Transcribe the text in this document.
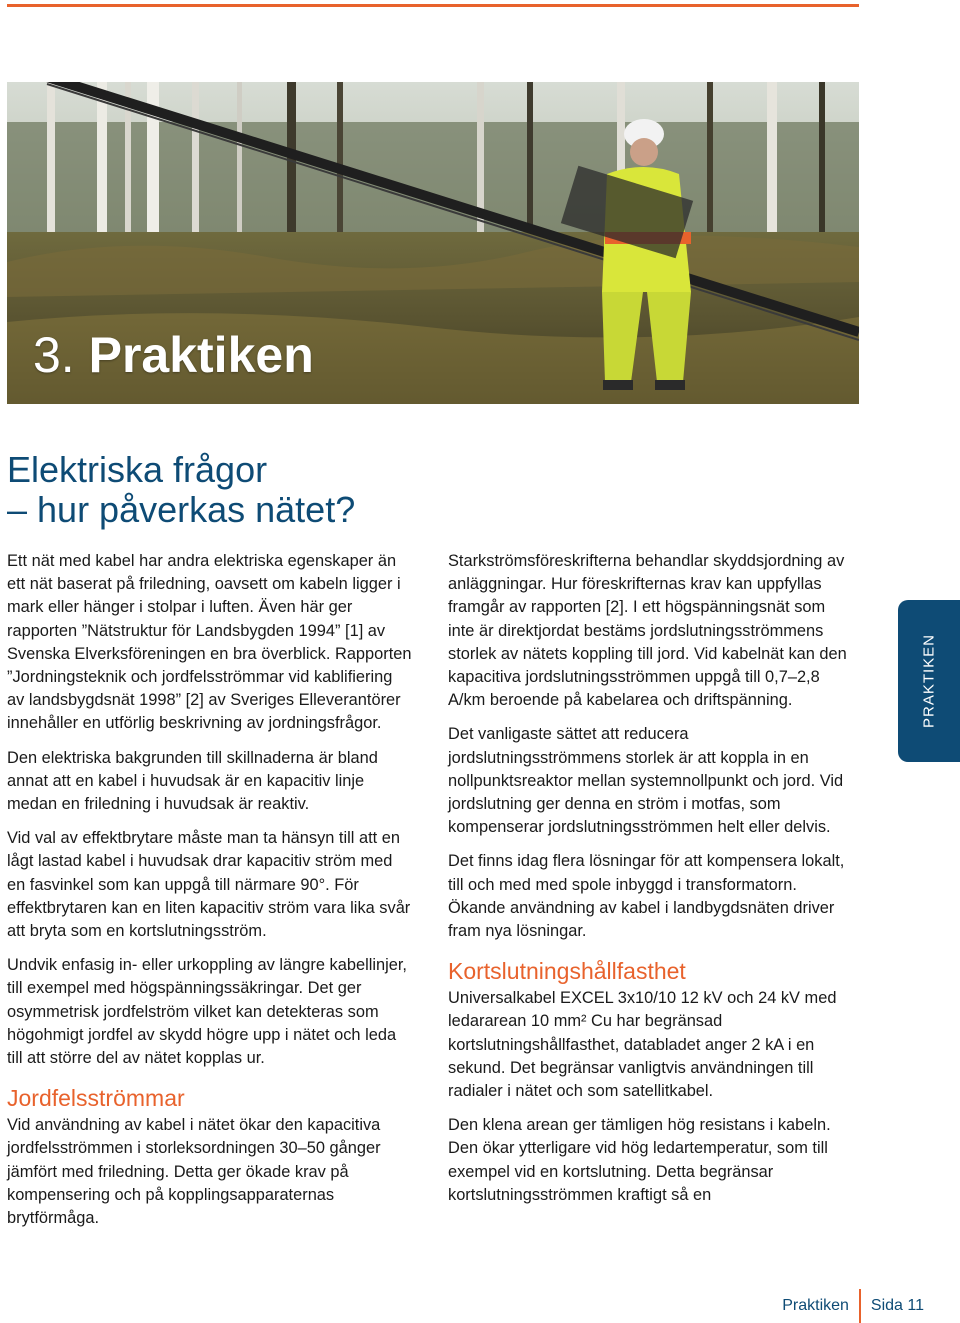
3. Praktiken
Elektriska frågor
– hur påverkas nätet?

Ett nät med kabel har andra elektriska egenskaper än ett nät baserat på friledning, oavsett om kabeln ligger i mark eller hänger i stolpar i luften. Även här ger rapporten ”Nätstruktur för Landsbygden 1994” [1] av Svenska Elverksföreningen en bra överblick. Rapporten ”Jordningsteknik och jordfelsströmmar vid kablifiering av landsbygdsnät 1998” [2] av Sveriges Elleverantörer innehåller en utförlig beskrivning av jordningsfrågor.

Den elektriska bakgrunden till skillnaderna är bland annat att en kabel i huvudsak är en kapacitiv linje medan en friledning i huvudsak är reaktiv.

Vid val av effektbrytare måste man ta hänsyn till att en lågt lastad kabel i huvudsak drar kapacitiv ström med en fasvinkel som kan uppgå till närmare 90°. För effektbrytaren kan en liten kapacitiv ström vara lika svår att bryta som en kortslutningsström.

Undvik enfasig in- eller urkoppling av längre kabellinjer, till exempel med högspänningssäkringar. Det ger osymmetrisk jordfelström vilket kan detekteras som högohmigt jordfel av skydd högre upp i nätet och leda till att större del av nätet kopplas ur.

Jordfelsströmmar

Vid användning av kabel i nätet ökar den kapacitiva jordfelsströmmen i storleksordningen 30–50 gånger jämfört med friledning. Detta ger ökade krav på kompensering och på kopplingsapparaternas brytförmåga.

Starkströmsföreskrifterna behandlar skyddsjordning av anläggningar. Hur föreskrifternas krav kan uppfyllas framgår av rapporten [2]. I ett högspänningsnät som inte är direktjordat bestäms jordslutningsströmmens storlek av nätets koppling till jord. Vid kabelnät kan den kapacitiva jordslutningsströmmen uppgå till 0,7–2,8 A/km beroende på kabelarea och driftspänning.

Det vanligaste sättet att reducera jordslutningsströmmens storlek är att koppla in en nollpunktsreaktor mellan systemnollpunkt och jord. Vid jordslutning ger denna en ström i motfas, som kompenserar jordslutningsströmmen helt eller delvis.

Det finns idag flera lösningar för att kompensera lokalt, till och med med spole inbyggd i transformatorn. Ökande användning av kabel i landbygdsnäten driver fram nya lösningar.

Kortslutningshållfasthet

Universalkabel EXCEL 3x10/10 12 kV och 24 kV med ledararean 10 mm² Cu har begränsad kortslutningshållfasthet, databladet anger 2 kA i en sekund. Det begränsar vanligtvis användningen till radialer i nätet och som satellitkabel.

Den klena arean ger tämligen hög resistans i kabeln. Den ökar ytterligare vid hög ledartemperatur, som till exempel vid en kortslutning. Detta begränsar kortslutningsströmmen kraftigt så en

PRAKTIKEN
Praktiken Sida 11
